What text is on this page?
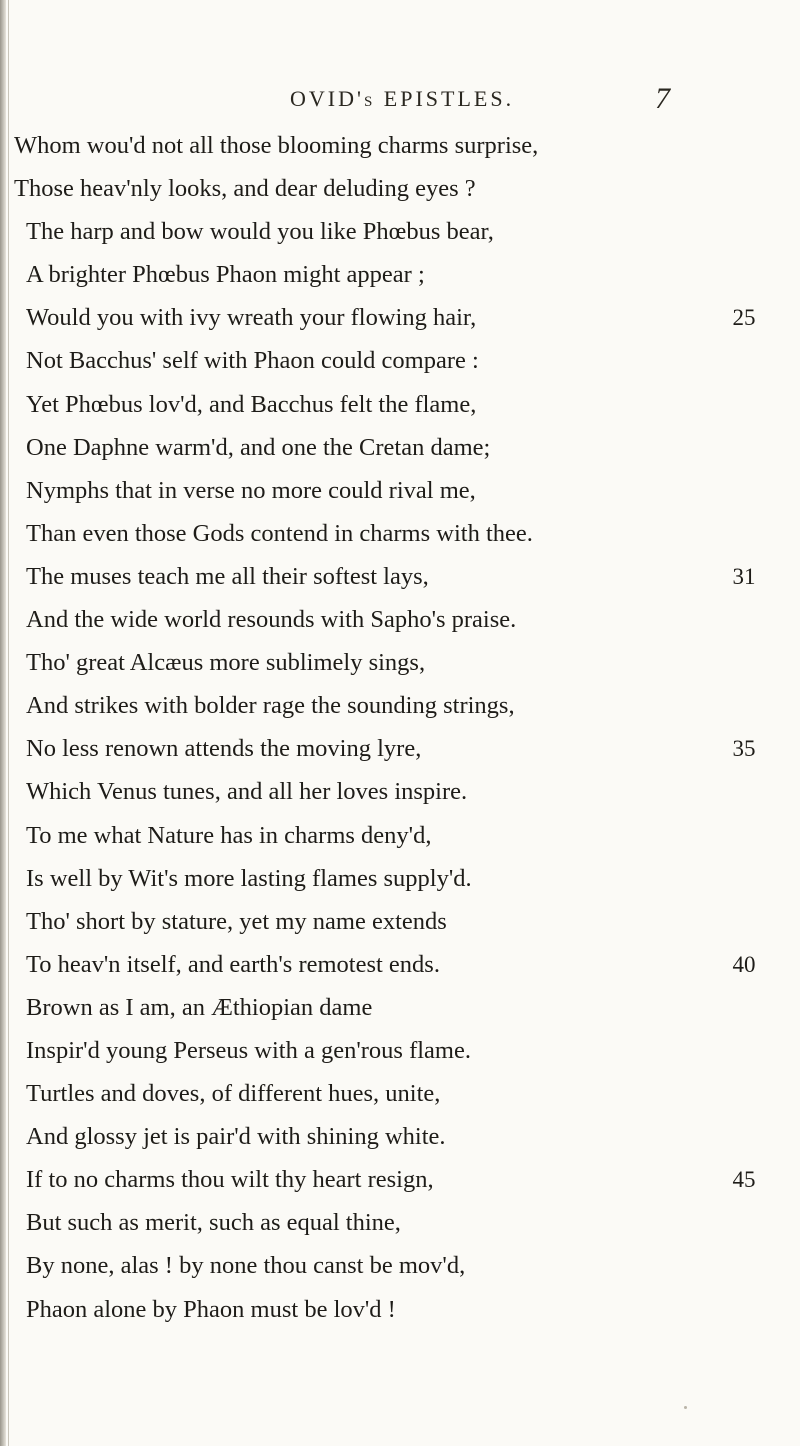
OVID's EPISTLES.	7
Whom wou'd not all those blooming charms surprise,
Those heav'nly looks, and dear deluding eyes ?
The harp and bow would you like Phœbus bear,
A brighter Phœbus Phaon might appear ;
Would you with ivy wreath your flowing hair,	25
Not Bacchus' self with Phaon could compare :
Yet Phœbus lov'd, and Bacchus felt the flame,
One Daphne warm'd, and one the Cretan dame;
Nymphs that in verse no more could rival me,
Than even those Gods contend in charms with thee.
The muses teach me all their softest lays,	31
And the wide world resounds with Sapho's praise.
Tho' great Alcæus more sublimely sings,
And strikes with bolder rage the sounding strings,
No less renown attends the moving lyre,	35
Which Venus tunes, and all her loves inspire.
To me what Nature has in charms deny'd,
Is well by Wit's more lasting flames supply'd.
Tho' short by stature, yet my name extends
To heav'n itself, and earth's remotest ends.	40
Brown as I am, an Æthiopian dame
Inspir'd young Perseus with a gen'rous flame.
Turtles and doves, of different hues, unite,
And glossy jet is pair'd with shining white.
If to no charms thou wilt thy heart resign,	45
But such as merit, such as equal thine,
By none, alas ! by none thou canst be mov'd,
Phaon alone by Phaon must be lov'd !
